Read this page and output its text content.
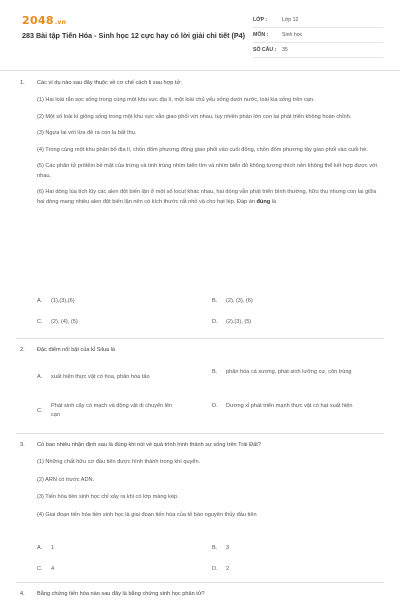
2048.vn
283 Bài tập Tiến Hóa - Sinh học 12 cực hay có lời giải chi tiết (P4)
LỚP :	Lớp 12
MÔN :	Sinh học
SỐ CÂU :	35
1. Các ví dụ nào sau đây thuộc về cơ chế cách li sau hợp tử:
(1) Hai loài rắn sọc sống trong cùng một khu vực địa lí, một loài chủ yếu sống dưới nước, loài kia sống trên cạn.
(2) Một số loài kì giông sống trong một khu vực vẫn giao phối với nhau, tuy nhiên phần lớn con lai phát triển không hoàn chỉnh.
(3) Ngựa lai với lừa đẻ ra con la bất thụ.
(4) Trong cùng một khu phân bố địa lí, chồn đốm phương đông giao phối vào cuối đông, chồn đốm phương tây giao phối vào cuối hè.
(5) Các phân tử prôtêin bề mặt của trứng và tinh trùng nhím biển tím và nhím biển đỏ không tương thích nên không thể kết hợp được với nhau.
(6) Hai dòng lúa tích lũy các alen đột biến lặn ở một số locut khác nhau, hai dòng vẫn phát triển bình thường, hữu thụ nhưng con lai giữa hai dòng mang nhiều alen đột biến lặn nên có kích thước rất nhỏ và cho hạt lép. Đáp án đúng là
A.	(1),(3),(6)	B.	(2), (3), (6)
C.	(2), (4), (5)	D.	(2),(3), (5)
2. Đặc điểm nổi bật của kỉ Silua là
A.	xuất hiện thực vật có hoa, phân hóa tảo
B.	phân hóa cá xương, phát sinh lưỡng cư, côn trùng
C.
Phát sinh cây có mạch và động vật di chuyển lên cạn
D.	Dương xỉ phát triển mạnh thực vật có hạt xuất hiện
3. Có bao nhiêu nhận định sau là đúng khi nói về quá trình hình thành sự sống trên Trái Đất?
(1) Những chất hữu cơ đầu tiên được hình thành trong khí quyển.
(2) ARN có trước ADN.
(3) Tiến hóa tiền sinh học chỉ xảy ra khi có lớp màng kép.
(4) Giai đoạn tiến hóa tiền sinh học là giai đoạn tiến hóa của tế bào nguyên thủy đầu tiên
A.	1	B.	3
C.	4	D.	2
4. Bằng chứng tiến hóa nào sau đây là bằng chứng sinh học phân tử?
